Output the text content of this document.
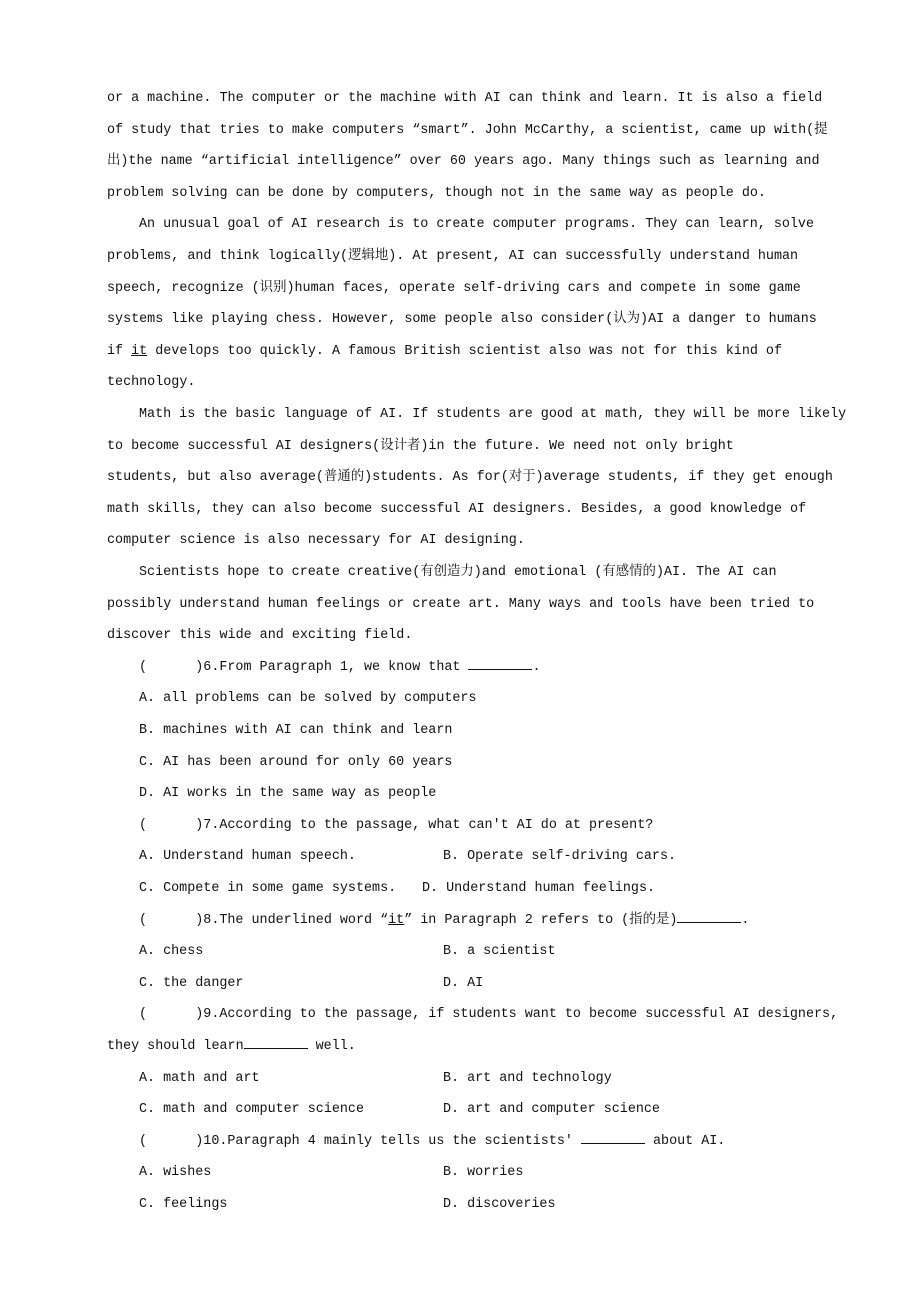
or a machine. The computer or the machine with AI can think and learn. It is also a field
of study that tries to make computers “smart”. John McCarthy, a scientist, came up with(提
出)the name “artificial intelligence” over 60 years ago. Many things such as learning and
problem solving can be done by computers, though not in the same way as people do.
An unusual goal of AI research is to create computer programs. They can learn, solve
problems, and think logically(逻辑地). At present, AI can successfully understand human
speech, recognize (识别)human faces, operate self-driving cars and compete in some game
systems like playing chess. However, some people also consider(认为)AI a danger to humans
if it develops too quickly. A famous British scientist also was not for this kind of
technology.
Math is the basic language of AI. If students are good at math, they will be more likely
to become successful AI designers(设计者)in the future. We need not only bright
students, but also average(普通的)students. As for(对于)average students, if they get enough
math skills, they can also become successful AI designers. Besides, a good knowledge of
computer science is also necessary for AI designing.
Scientists hope to create creative(有创造力)and emotional (有感情的)AI. The AI can
possibly understand human feelings or create art. Many ways and tools have been tried to
discover this wide and exciting field.
(      )6.From Paragraph 1, we know that	.
A. all problems can be solved by computers
B. machines with AI can think and learn
C. AI has been around for only 60 years
D. AI works in the same way as people
(      )7.According to the passage, what can't AI do at present?
A. Understand human speech.	B. Operate self-driving cars.
C. Compete in some game systems. D. Understand human feelings.
(      )8.The underlined word “it” in Paragraph 2 refers to (指的是)	.
A. chess	B. a scientist
C. the danger	D. AI
(      )9.According to the passage, if students want to become successful AI designers,
they should learn	well.
A. math and art	B. art and technology
C. math and computer science	D. art and computer science
(      )10.Paragraph 4 mainly tells us the scientists'	about AI.
A. wishes	B. worries
C. feelings	D. discoveries
